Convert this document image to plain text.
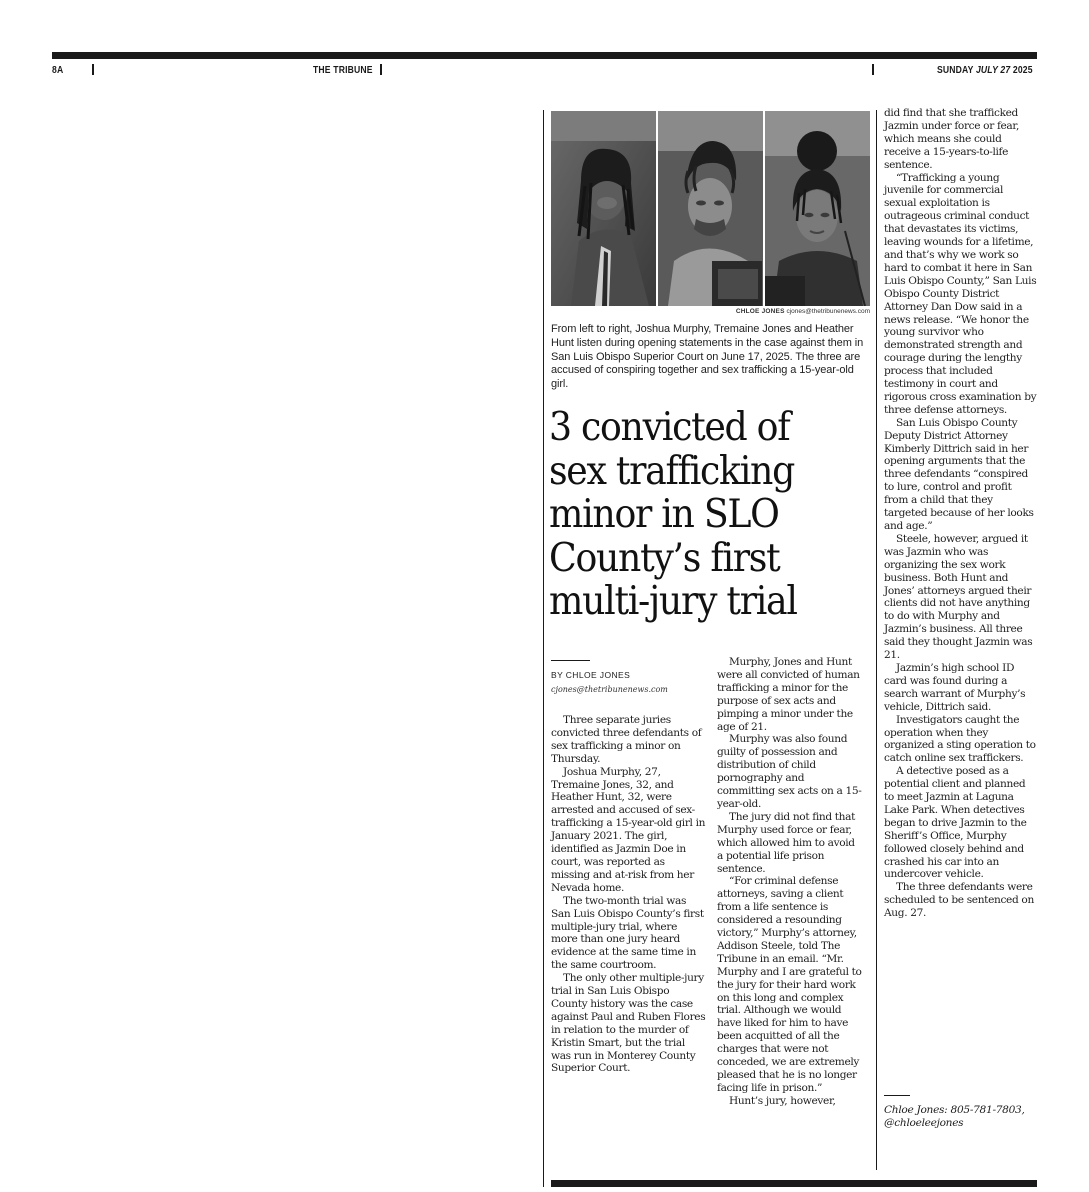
8A	THE TRIBUNE	SUNDAY JULY 27 2025
CHLOE JONES cjones@thetribunenews.com
From left to right, Joshua Murphy, Tremaine Jones and Heather Hunt listen during opening statements in the case against them in San Luis Obispo Superior Court on June 17, 2025. The three are accused of conspiring together and sex trafficking a 15-year-old girl.
3 convicted of sex trafficking minor in SLO County’s first multi-jury trial
BY CHLOE JONES
cjones@thetribunenews.com

Three separate juries convicted three defendants of sex trafficking a minor on Thursday.

Joshua Murphy, 27, Tremaine Jones, 32, and Heather Hunt, 32, were arrested and accused of sex-trafficking a 15-year-old girl in January 2021. The girl, identified as Jazmin Doe in court, was reported as missing and at-risk from her Nevada home.

The two-month trial was San Luis Obispo County’s first multiple-jury trial, where more than one jury heard evidence at the same time in the same courtroom.

The only other multiple-jury trial in San Luis Obispo County history was the case against Paul and Ruben Flores in relation to the murder of Kristin Smart, but the trial was run in Monterey County Superior Court.

Murphy, Jones and Hunt were all convicted of human trafficking a minor for the purpose of sex acts and pimping a minor under the age of 21.

Murphy was also found guilty of possession and distribution of child pornography and committing sex acts on a 15-year-old.

The jury did not find that Murphy used force or fear, which allowed him to avoid a potential life prison sentence.

“For criminal defense attorneys, saving a client from a life sentence is considered a resounding victory,” Murphy’s attorney, Addison Steele, told The Tribune in an email. “Mr. Murphy and I are grateful to the jury for their hard work on this long and complex trial. Although we would have liked for him to have been acquitted of all the charges that were not conceded, we are extremely pleased that he is no longer facing life in prison.”

Hunt’s jury, however,

did find that she trafficked Jazmin under force or fear, which means she could receive a 15-years-to-life sentence.

“Trafficking a young juvenile for commercial sexual exploitation is outrageous criminal conduct that devastates its victims, leaving wounds for a lifetime, and that’s why we work so hard to combat it here in San Luis Obispo County,” San Luis Obispo County District Attorney Dan Dow said in a news release. “We honor the young survivor who demonstrated strength and courage during the lengthy process that included testimony in court and rigorous cross examination by three defense attorneys.

San Luis Obispo County Deputy District Attorney Kimberly Dittrich said in her opening arguments that the three defendants “conspired to lure, control and profit from a child that they targeted because of her looks and age.”

Steele, however, argued it was Jazmin who was organizing the sex work business. Both Hunt and Jones’ attorneys argued their clients did not have anything to do with Murphy and Jazmin’s business. All three said they thought Jazmin was 21.

Jazmin’s high school ID card was found during a search warrant of Murphy’s vehicle, Dittrich said.

Investigators caught the operation when they organized a sting operation to catch online sex traffickers.

A detective posed as a potential client and planned to meet Jazmin at Laguna Lake Park. When detectives began to drive Jazmin to the Sheriff’s Office, Murphy followed closely behind and crashed his car into an undercover vehicle.

The three defendants were scheduled to be sentenced on Aug. 27.

Chloe Jones: 805-781-7803, @chloeleejones
